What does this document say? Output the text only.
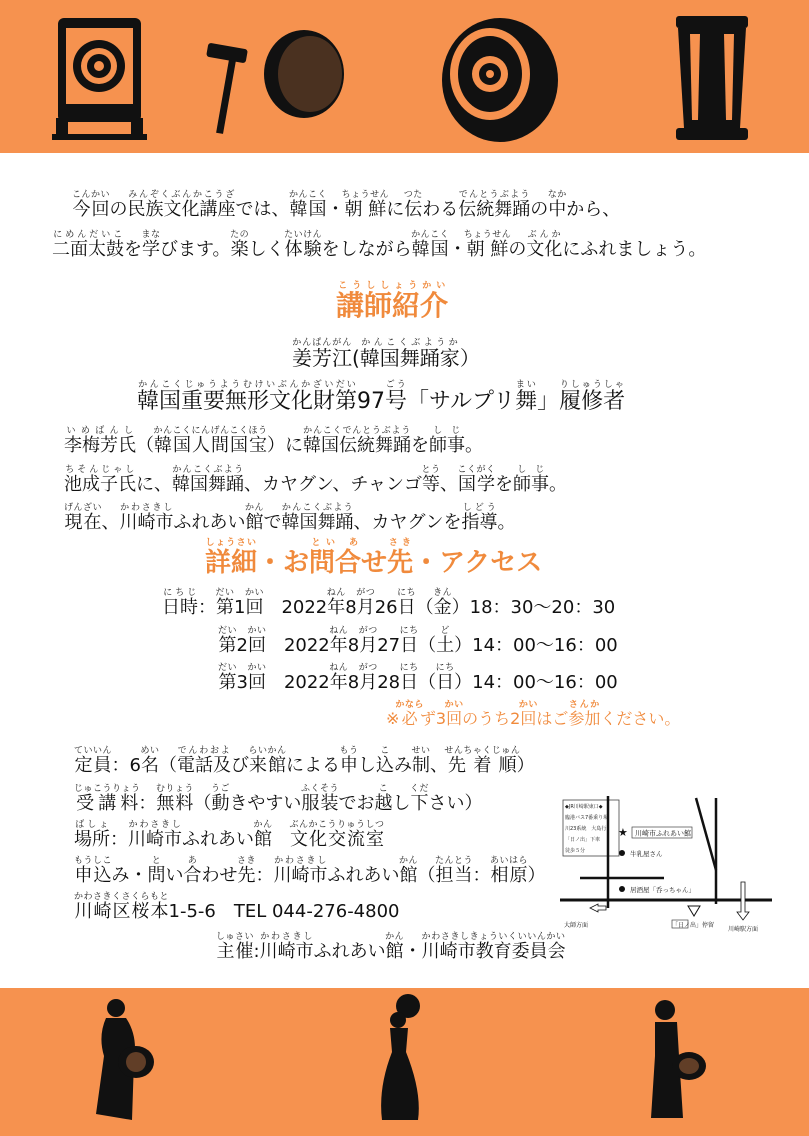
今回こんかいの民族文化講座みんぞくぶんかこうざでは、韓国かんこく・朝鮮ちょうせんに伝つたわる伝統舞踊でんとうぶようの中なかから、
二面太鼓にめんだいこを学まなびます。楽たのしく体験たいけんをしながら韓国かんこく・朝鮮ちょうせんの文化ぶんかにふれましょう。
講師紹介こうししょうかい
姜芳江かんぱんがん(韓国舞踊家かんこくぶようか）
韓国重要無形文化財かんこくじゅうようむけいぶんかざい第だい97号ごう「サルプリ舞まい」履修者りしゅうしゃ
李梅芳氏いめばんし（韓国人間国宝かんこくにんげんこくほう）に韓国伝統舞踊かんこくでんとうぶようを師事しじ。
池成子氏ちそんじゃしに、韓国舞踊かんこくぶよう、カヤグン、チャンゴ等とう、国学こくがくを師事しじ。
現在げんざい、川崎市かわさきしふれあい館かんで韓国舞踊かんこくぶよう、カヤグンを指導しどう。
詳細しょうさい・お問合とい あせ先さき・アクセス
日時にちじ：第だい1回かい　2022年ねん8月がつ26日にち（金きん）18：30～20：30
第だい2回かい　2022年ねん8月がつ27日にち（土ど）14：00～16：00
第だい3回かい　2022年ねん8月がつ28日にち（日にち）14：00～16：00
※必かならず3回かいのうち2回かいはご参加さんかください。
定員ていいん：6名めい（電話及でんわおよび来館らいかんによる申もうし込こみ制せい、先着順せんちゃくじゅん）
受講料じゅこうりょう：無料むりょう（動うごきやすい服装ふくそうでお越こし下ください）
場所ばしょ：川崎市かわさきしふれあい館かん　文化交流室ぶんかこうりゅうしつ
申込もうしこみ・問とい合あわせ先さき：川崎市かわさきしふれあい館かん（担当たんとう：相原あいはら）
川崎区桜本かわさきくさくらもと1-5-6　TEL 044-276-4800
主催しゅさい:川崎市かわさきしふれあい館かん・川崎市教育委員会かわさきしきょういくいいんかい
◆JR川崎駅東口◆
臨港バス7番乗り場
川23系統　大島行
「日ノ出」下車
徒歩５分
★ 川崎市ふれあい館
牛乳屋さん
居酒屋「呑っちゃん」
「日ノ出」停留
大師方面
川崎駅方面
